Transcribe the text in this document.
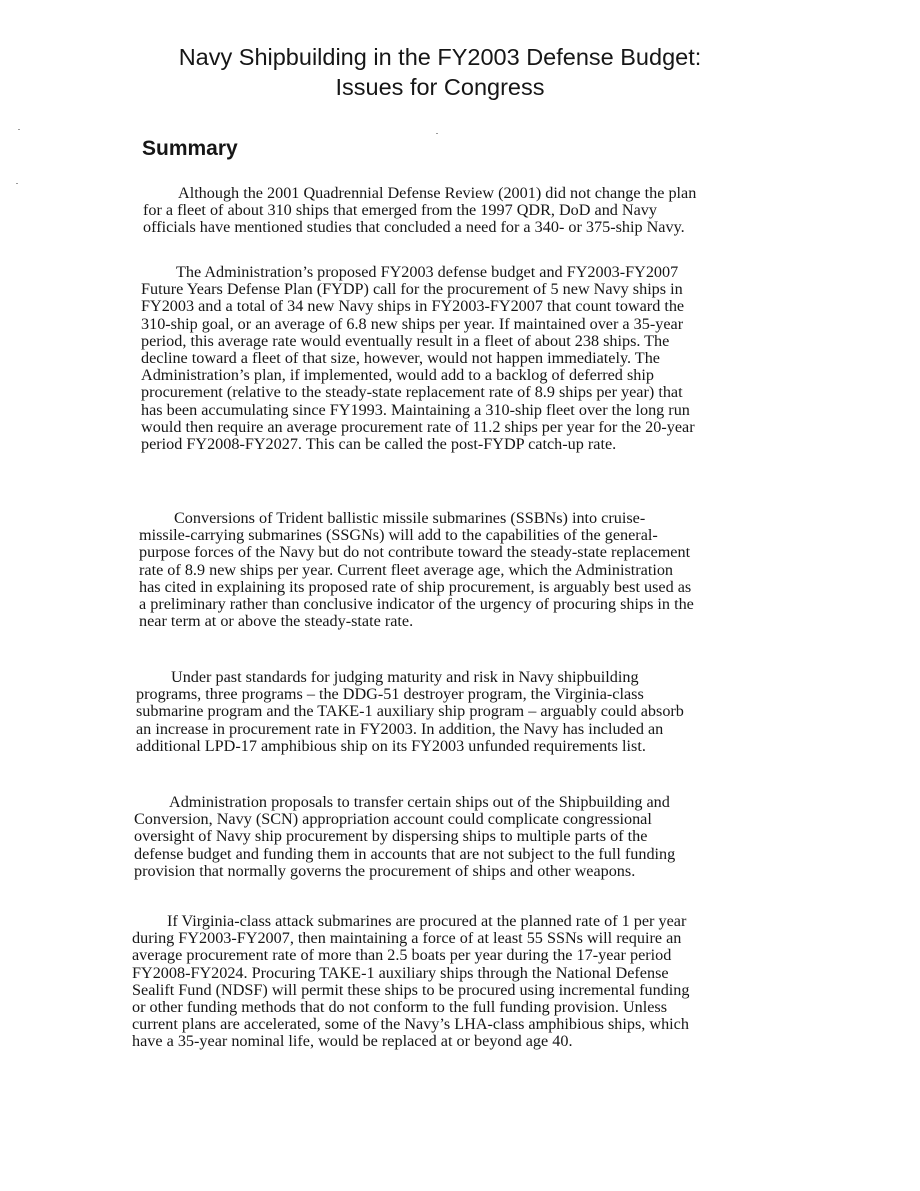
Navy Shipbuilding in the FY2003 Defense Budget:
Issues for Congress
Summary
Although the 2001 Quadrennial Defense Review (2001) did not change the plan
for a fleet of about 310 ships that emerged from the 1997 QDR, DoD and Navy
officials have mentioned studies that concluded a need for a 340- or 375-ship Navy.
The Administration’s proposed FY2003 defense budget and FY2003-FY2007
Future Years Defense Plan (FYDP) call for the procurement of 5 new Navy ships in
FY2003 and a total of 34 new Navy ships in FY2003-FY2007 that count toward the
310-ship goal, or an average of 6.8 new ships per year. If maintained over a 35-year
period, this average rate would eventually result in a fleet of about 238 ships. The
decline toward a fleet of that size, however, would not happen immediately. The
Administration’s plan, if implemented, would add to a backlog of deferred ship
procurement (relative to the steady-state replacement rate of 8.9 ships per year) that
has been accumulating since FY1993. Maintaining a 310-ship fleet over the long run
would then require an average procurement rate of 11.2 ships per year for the 20-year
period FY2008-FY2027. This can be called the post-FYDP catch-up rate.
Conversions of Trident ballistic missile submarines (SSBNs) into cruise-
missile-carrying submarines (SSGNs) will add to the capabilities of the general-
purpose forces of the Navy but do not contribute toward the steady-state replacement
rate of 8.9 new ships per year. Current fleet average age, which the Administration
has cited in explaining its proposed rate of ship procurement, is arguably best used as
a preliminary rather than conclusive indicator of the urgency of procuring ships in the
near term at or above the steady-state rate.
Under past standards for judging maturity and risk in Navy shipbuilding
programs, three programs – the DDG-51 destroyer program, the Virginia-class
submarine program and the TAKE-1 auxiliary ship program – arguably could absorb
an increase in procurement rate in FY2003. In addition, the Navy has included an
additional LPD-17 amphibious ship on its FY2003 unfunded requirements list.
Administration proposals to transfer certain ships out of the Shipbuilding and
Conversion, Navy (SCN) appropriation account could complicate congressional
oversight of Navy ship procurement by dispersing ships to multiple parts of the
defense budget and funding them in accounts that are not subject to the full funding
provision that normally governs the procurement of ships and other weapons.
If Virginia-class attack submarines are procured at the planned rate of 1 per year
during FY2003-FY2007, then maintaining a force of at least 55 SSNs will require an
average procurement rate of more than 2.5 boats per year during the 17-year period
FY2008-FY2024. Procuring TAKE-1 auxiliary ships through the National Defense
Sealift Fund (NDSF) will permit these ships to be procured using incremental funding
or other funding methods that do not conform to the full funding provision. Unless
current plans are accelerated, some of the Navy’s LHA-class amphibious ships, which
have a 35-year nominal life, would be replaced at or beyond age 40.
